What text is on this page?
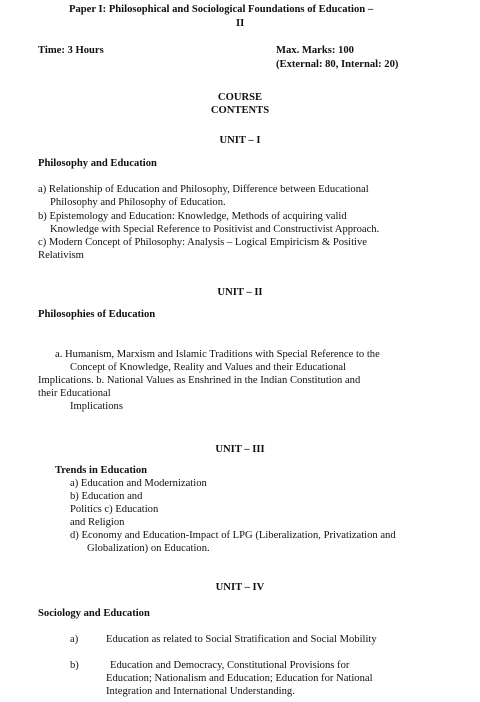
Paper I: Philosophical and Sociological Foundations of Education –
II
Time: 3 Hours	Max. Marks: 100
(External: 80, Internal: 20)
COURSE
CONTENTS
UNIT – I
Philosophy and Education
a) Relationship of Education and Philosophy, Difference between Educational
Philosophy and Philosophy of Education.
b) Epistemology and Education: Knowledge, Methods of acquiring valid
Knowledge with Special Reference to Positivist and Constructivist Approach.
c) Modern Concept of Philosophy: Analysis – Logical Empiricism & Positive
Relativism
UNIT – II
Philosophies of Education
a. Humanism, Marxism and Islamic Traditions with Special Reference to the
Concept of Knowledge, Reality and Values and their Educational
Implications. b. National Values as Enshrined in the Indian Constitution and
their Educational
Implications
UNIT – III
Trends in Education
a) Education and Modernization
b) Education and
Politics c) Education
and Religion
d) Economy and Education-Impact of LPG (Liberalization, Privatization and
Globalization) on Education.
UNIT – IV
Sociology and Education
a)	Education as related to Social Stratification and Social Mobility
b)	Education and Democracy, Constitutional Provisions for
Education; Nationalism and Education; Education for National
Integration and International Understanding.
